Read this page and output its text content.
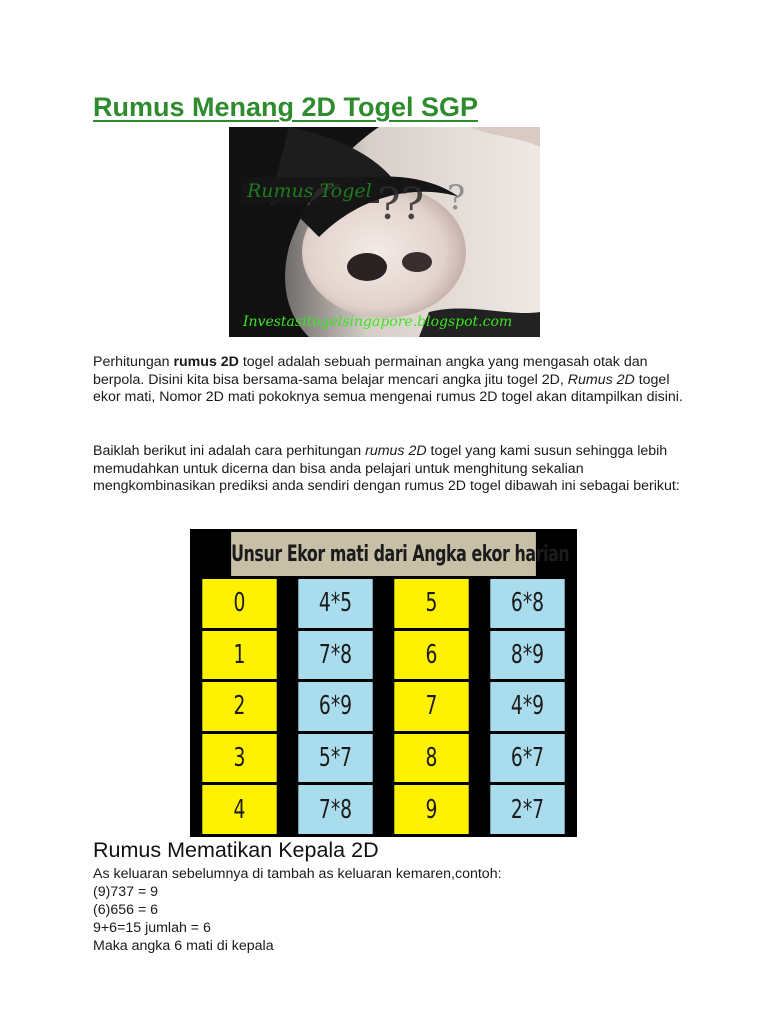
Rumus Menang 2D Togel SGP
Rumus Togel ?? ?
Investasitogelsingapore.blogspot.com

Perhitungan rumus 2D togel adalah sebuah permainan angka yang mengasah otak dan berpola. Disini kita bisa bersama-sama belajar mencari angka jitu togel 2D, Rumus 2D togel ekor mati, Nomor 2D mati pokoknya semua mengenai rumus 2D togel akan ditampilkan disini.

Baiklah berikut ini adalah cara perhitungan rumus 2D togel yang kami susun sehingga lebih memudahkan untuk dicerna dan bisa anda pelajari untuk menghitung sekalian mengkombinasikan prediksi anda sendiri dengan rumus 2D togel dibawah ini sebagai berikut:

Unsur Ekor mati dari Angka ekor harian			
0	4*5	5	6*8
1	7*8	6	8*9
2	6*9	7	4*9
3	5*7	8	6*7
4	7*8	9	2*7
Rumus Mematikan Kepala 2D
As keluaran sebelumnya di tambah as keluaran kemaren,contoh:
(9)737 = 9
(6)656 = 6
9+6=15 jumlah = 6
Maka angka 6 mati di kepala
